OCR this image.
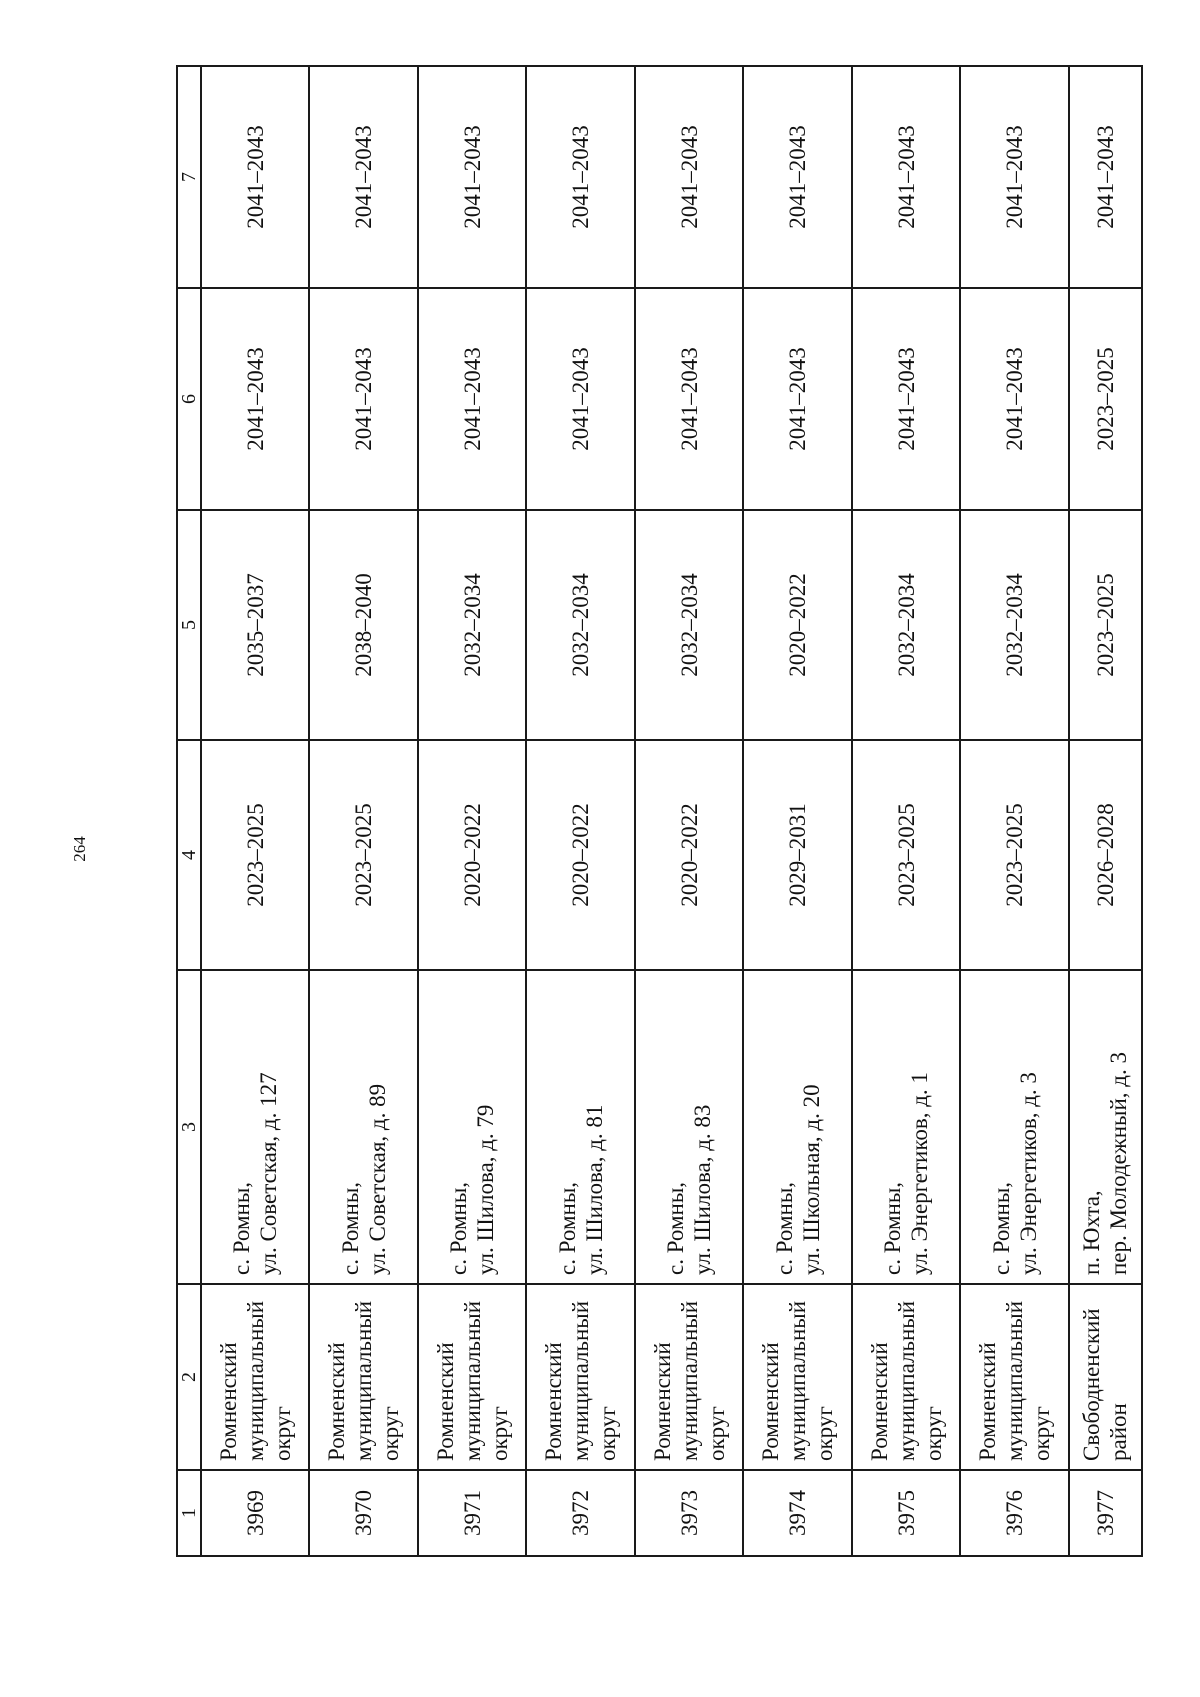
264
1	2	3	4	5	6	7
3969	Ромненский муниципальный округ	с. Ромны, ул. Советская, д. 127	2023–2025	2035–2037	2041–2043	2041–2043
3970	Ромненский муниципальный округ	с. Ромны, ул. Советская, д. 89	2023–2025	2038–2040	2041–2043	2041–2043
3971	Ромненский муниципальный округ	с. Ромны, ул. Шилова, д. 79	2020–2022	2032–2034	2041–2043	2041–2043
3972	Ромненский муниципальный округ	с. Ромны, ул. Шилова, д. 81	2020–2022	2032–2034	2041–2043	2041–2043
3973	Ромненский муниципальный округ	с. Ромны, ул. Шилова, д. 83	2020–2022	2032–2034	2041–2043	2041–2043
3974	Ромненский муниципальный округ	с. Ромны, ул. Школьная, д. 20	2029–2031	2020–2022	2041–2043	2041–2043
3975	Ромненский муниципальный округ	с. Ромны, ул. Энергетиков, д. 1	2023–2025	2032–2034	2041–2043	2041–2043
3976	Ромненский муниципальный округ	с. Ромны, ул. Энергетиков, д. 3	2023–2025	2032–2034	2041–2043	2041–2043
3977	Свободненский район	п. Юхта, пер. Молодежный, д. 3	2026–2028	2023–2025	2023–2025	2041–2043
